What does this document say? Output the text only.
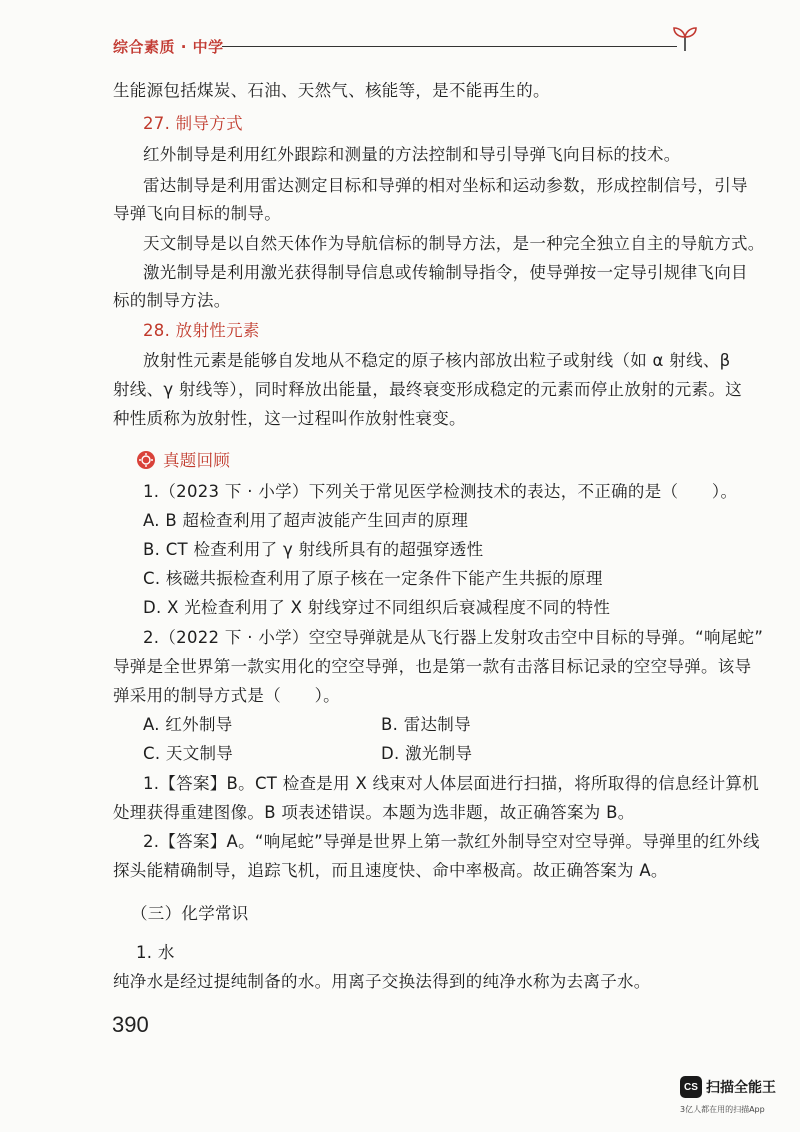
综合素质 · 中学
生能源包括煤炭、石油、天然气、核能等，是不能再生的。
27. 制导方式
红外制导是利用红外跟踪和测量的方法控制和导引导弹飞向目标的技术。
雷达制导是利用雷达测定目标和导弹的相对坐标和运动参数，形成控制信号，引导
导弹飞向目标的制导。
天文制导是以自然天体作为导航信标的制导方法，是一种完全独立自主的导航方式。
激光制导是利用激光获得制导信息或传输制导指令，使导弹按一定导引规律飞向目
标的制导方法。
28. 放射性元素
放射性元素是能够自发地从不稳定的原子核内部放出粒子或射线（如 α 射线、β
射线、γ 射线等），同时释放出能量，最终衰变形成稳定的元素而停止放射的元素。这
种性质称为放射性，这一过程叫作放射性衰变。
真题回顾
1.（2023 下 · 小学）下列关于常见医学检测技术的表达，不正确的是（　　）。
A. B 超检查利用了超声波能产生回声的原理
B. CT 检查利用了 γ 射线所具有的超强穿透性
C. 核磁共振检查利用了原子核在一定条件下能产生共振的原理
D. X 光检查利用了 X 射线穿过不同组织后衰减程度不同的特性
2.（2022 下 · 小学）空空导弹就是从飞行器上发射攻击空中目标的导弹。“响尾蛇”
导弹是全世界第一款实用化的空空导弹，也是第一款有击落目标记录的空空导弹。该导
弹采用的制导方式是（　　）。
A. 红外制导	B. 雷达制导
C. 天文制导	D. 激光制导
1.【答案】B。CT 检查是用 X 线束对人体层面进行扫描，将所取得的信息经计算机
处理获得重建图像。B 项表述错误。本题为选非题，故正确答案为 B。
2.【答案】A。“响尾蛇”导弹是世界上第一款红外制导空对空导弹。导弹里的红外线
探头能精确制导，追踪飞机，而且速度快、命中率极高。故正确答案为 A。
（三）化学常识
1. 水
纯净水是经过提纯制备的水。用离子交换法得到的纯净水称为去离子水。
390
CS 扫描全能王
3亿人都在用的扫描App
